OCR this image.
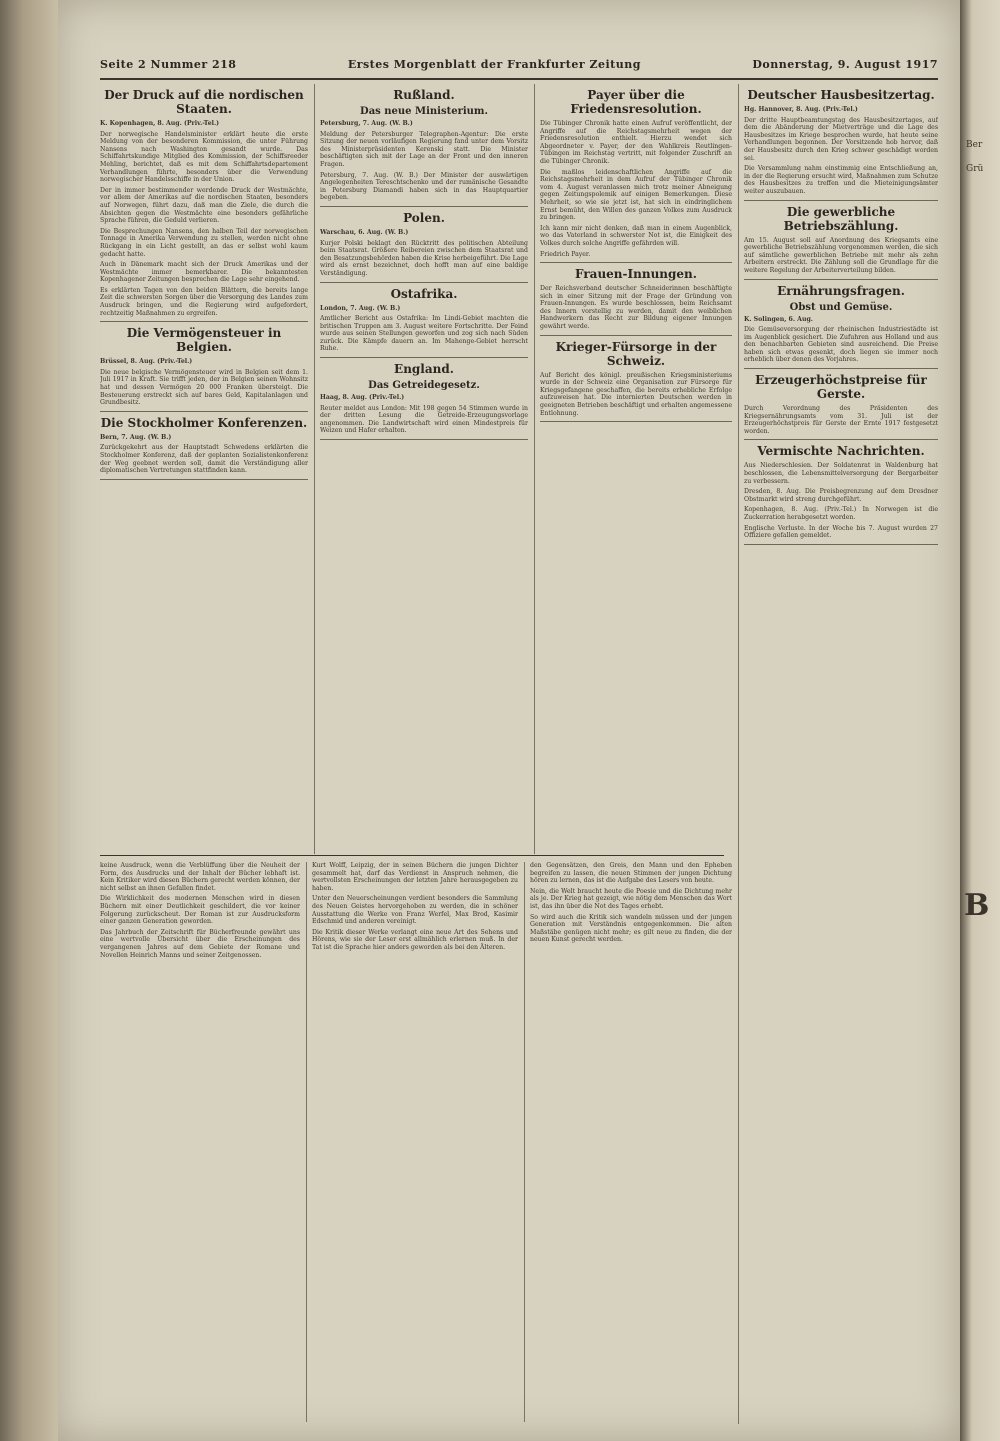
Seite 2 Nummer 218	Erstes Morgenblatt der Frankfurter Zeitung	Donnerstag, 9. August 1917
Der Druck auf die nordischen Staaten.

K. Kopenhagen, 8. Aug. (Priv.-Tel.)

Der norwegische Handelsminister erklärt heute die erste Meldung von der besonderen Kommission, die unter Führung Nansens nach Washington gesandt wurde. Das Schiffahrtskundige Mitglied des Kommission, der Schiffsreeder Mehling, berichtet, daß es mit dem Schiffahrtsdepartement Verhandlungen führte, besonders über die Verwendung norwegischer Handelsschiffe in der Union.

Der in immer bestimmender werdende Druck der Westmächte, vor allem der Amerikas auf die nordischen Staaten, besonders auf Norwegen, führt dazu, daß man die Ziele, die durch die Absichten gegen die Westmächte eine besonders gefährliche Sprache führen, die Geduld verlieren.

Die Besprechungen Nansens, den halben Teil der norwegischen Tonnage in Amerika Verwendung zu stellen, werden nicht ohne Rückgang in ein Licht gestellt, an das er selbst wohl kaum gedacht hatte.

Auch in Dänemark macht sich der Druck Amerikas und der Westmächte immer bemerkbarer. Die bekanntesten Kopenhagener Zeitungen besprechen die Lage sehr eingehend.

Es erklärten Tagen von den beiden Blättern, die bereits lange Zeit die schwersten Sorgen über die Versorgung des Landes zum Ausdruck bringen, und die Regierung wird aufgefordert, rechtzeitig Maßnahmen zu ergreifen.

Die Vermögensteuer in Belgien.

Brüssel, 8. Aug. (Priv.-Tel.)

Die neue belgische Vermögensteuer wird in Belgien seit dem 1. Juli 1917 in Kraft. Sie trifft jeden, der in Belgien seinen Wohnsitz hat und dessen Vermögen 20 000 Franken übersteigt. Die Besteuerung erstreckt sich auf bares Geld, Kapitalanlagen und Grundbesitz.

Die Stockholmer Konferenzen.

Bern, 7. Aug. (W. B.)

Zurückgekehrt aus der Hauptstadt Schwedens erklärten die Stockholmer Konferenz, daß der geplanten Sozialistenkonferenz der Weg geebnet werden soll, damit die Verständigung aller diplomatischen Vertretungen stattfinden kann.

Rußland.
Das neue Ministerium.

Petersburg, 7. Aug. (W. B.)

Meldung der Petersburger Telegraphen-Agentur: Die erste Sitzung der neuen vorläufigen Regierung fand unter dem Vorsitz des Ministerpräsidenten Kerenski statt. Die Minister beschäftigten sich mit der Lage an der Front und den inneren Fragen.

Petersburg, 7. Aug. (W. B.) Der Minister der auswärtigen Angelegenheiten Tereschtschenko und der rumänische Gesandte in Petersburg Diamandi haben sich in das Hauptquartier begeben.

Polen.

Warschau, 6. Aug. (W. B.)

Kurjer Polski beklagt den Rücktritt des politischen Abteilung beim Staatsrat. Größere Reibereien zwischen dem Staatsrat und den Besatzungsbehörden haben die Krise herbeigeführt. Die Lage wird als ernst bezeichnet, doch hofft man auf eine baldige Verständigung.

Ostafrika.

London, 7. Aug. (W. B.)

Amtlicher Bericht aus Ostafrika: Im Lindi-Gebiet machten die britischen Truppen am 3. August weitere Fortschritte. Der Feind wurde aus seinen Stellungen geworfen und zog sich nach Süden zurück. Die Kämpfe dauern an. Im Mahenge-Gebiet herrscht Ruhe.

England.
Das Getreidegesetz.

Haag, 8. Aug. (Priv.-Tel.)

Reuter meldet aus London: Mit 198 gegen 54 Stimmen wurde in der dritten Lesung die Getreide-Erzeugungsvorlage angenommen. Die Landwirtschaft wird einen Mindestpreis für Weizen und Hafer erhalten.

Payer über die Friedensresolution.

Die Tübinger Chronik hatte einen Aufruf veröffentlicht, der Angriffe auf die Reichstagsmehrheit wegen der Friedensresolution enthielt. Hierzu wendet sich Abgeordneter v. Payer, der den Wahlkreis Reutlingen-Tübingen im Reichstag vertritt, mit folgender Zuschrift an die Tübinger Chronik.

Die maßlos leidenschaftlichen Angriffe auf die Reichstagsmehrheit in dem Aufruf der Tübinger Chronik vom 4. August veranlassen mich trotz meiner Abneigung gegen Zeitungspolemik auf einigen Bemerkungen. Diese Mehrheit, so wie sie jetzt ist, hat sich in eindringlichem Ernst bemüht, den Willen des ganzen Volkes zum Ausdruck zu bringen.

Ich kann mir nicht denken, daß man in einem Augenblick, wo das Vaterland in schwerster Not ist, die Einigkeit des Volkes durch solche Angriffe gefährden will.

Friedrich Payer.

Frauen-Innungen.

Der Reichsverband deutscher Schneiderinnen beschäftigte sich in einer Sitzung mit der Frage der Gründung von Frauen-Innungen. Es wurde beschlossen, beim Reichsamt des Innern vorstellig zu werden, damit den weiblichen Handwerkern das Recht zur Bildung eigener Innungen gewährt werde.

Krieger-Fürsorge in der Schweiz.

Auf Bericht des königl. preußischen Kriegsministeriums wurde in der Schweiz eine Organisation zur Fürsorge für Kriegsgefangene geschaffen, die bereits erhebliche Erfolge aufzuweisen hat. Die internierten Deutschen werden in geeigneten Betrieben beschäftigt und erhalten angemessene Entlohnung.

Deutscher Hausbesitzertag.

Hg. Hannover, 8. Aug. (Priv.-Tel.)

Der dritte Hauptbeamtungstag des Hausbesitzertages, auf dem die Abänderung der Mietverträge und die Lage des Hausbesitzes im Kriege besprochen wurde, hat heute seine Verhandlungen begonnen. Der Vorsitzende hob hervor, daß der Hausbesitz durch den Krieg schwer geschädigt worden sei.

Die Versammlung nahm einstimmig eine Entschließung an, in der die Regierung ersucht wird, Maßnahmen zum Schutze des Hausbesitzes zu treffen und die Mieteinigungsämter weiter auszubauen.

Die gewerbliche Betriebszählung.

Am 15. August soll auf Anordnung des Kriegsamts eine gewerbliche Betriebszählung vorgenommen werden, die sich auf sämtliche gewerblichen Betriebe mit mehr als zehn Arbeitern erstreckt. Die Zählung soll die Grundlage für die weitere Regelung der Arbeiterverteilung bilden.

Ernährungsfragen.
Obst und Gemüse.

K. Solingen, 6. Aug.

Die Gemüseversorgung der rheinischen Industriestädte ist im Augenblick gesichert. Die Zufuhren aus Holland und aus den benachbarten Gebieten sind ausreichend. Die Preise haben sich etwas gesenkt, doch liegen sie immer noch erheblich über denen des Vorjahres.

Erzeugerhöchstpreise für Gerste.

Durch Verordnung des Präsidenten des Kriegsernährungsamts vom 31. Juli ist der Erzeugerhöchstpreis für Gerste der Ernte 1917 festgesetzt worden.

Vermischte Nachrichten.

Aus Niederschlesien. Der Soldatenrat in Waldenburg hat beschlossen, die Lebensmittelversorgung der Bergarbeiter zu verbessern.

Dresden, 8. Aug. Die Preisbegrenzung auf dem Dresdner Obstmarkt wird streng durchgeführt.

Kopenhagen, 8. Aug. (Priv.-Tel.) In Norwegen ist die Zuckerration herabgesetzt worden.

Englische Verluste. In der Woche bis 7. August wurden 27 Offiziere gefallen gemeldet.

keine Ausdruck, wenn die Verblüffung über die Neuheit der Form, des Ausdrucks und der Inhalt der Bücher lebhaft ist. Kein Kritiker wird diesen Büchern gerecht werden können, der nicht selbst an ihnen Gefallen findet.

Die Wirklichkeit des modernen Menschen wird in diesen Büchern mit einer Deutlichkeit geschildert, die vor keiner Folgerung zurückscheut. Der Roman ist zur Ausdrucksform einer ganzen Generation geworden.

Das Jahrbuch der Zeitschrift für Bücherfreunde gewährt uns eine wertvolle Übersicht über die Erscheinungen des vergangenen Jahres auf dem Gebiete der Romane und Novellen Heinrich Manns und seiner Zeitgenossen.

Kurt Wolff, Leipzig, der in seinen Büchern die jungen Dichter gesammelt hat, darf das Verdienst in Anspruch nehmen, die wertvollsten Erscheinungen der letzten Jahre herausgegeben zu haben.

Unter den Neuerscheinungen verdient besonders die Sammlung des Neuen Geistes hervorgehoben zu werden, die in schöner Ausstattung die Werke von Franz Werfel, Max Brod, Kasimir Edschmid und anderen vereinigt.

Die Kritik dieser Werke verlangt eine neue Art des Sehens und Hörens, wie sie der Leser erst allmählich erlernen muß. In der Tat ist die Sprache hier anders geworden als bei den Älteren.

den Gegensätzen, den Greis, den Mann und den Epheben begreifen zu lassen, die neuen Stimmen der jungen Dichtung hören zu lernen, das ist die Aufgabe des Lesers von heute.

Nein, die Welt braucht heute die Poesie und die Dichtung mehr als je. Der Krieg hat gezeigt, wie nötig dem Menschen das Wort ist, das ihn über die Not des Tages erhebt.

So wird auch die Kritik sich wandeln müssen und der jungen Generation mit Verständnis entgegenkommen. Die alten Maßstäbe genügen nicht mehr; es gilt neue zu finden, die der neuen Kunst gerecht werden.

Ber
Grü
B
